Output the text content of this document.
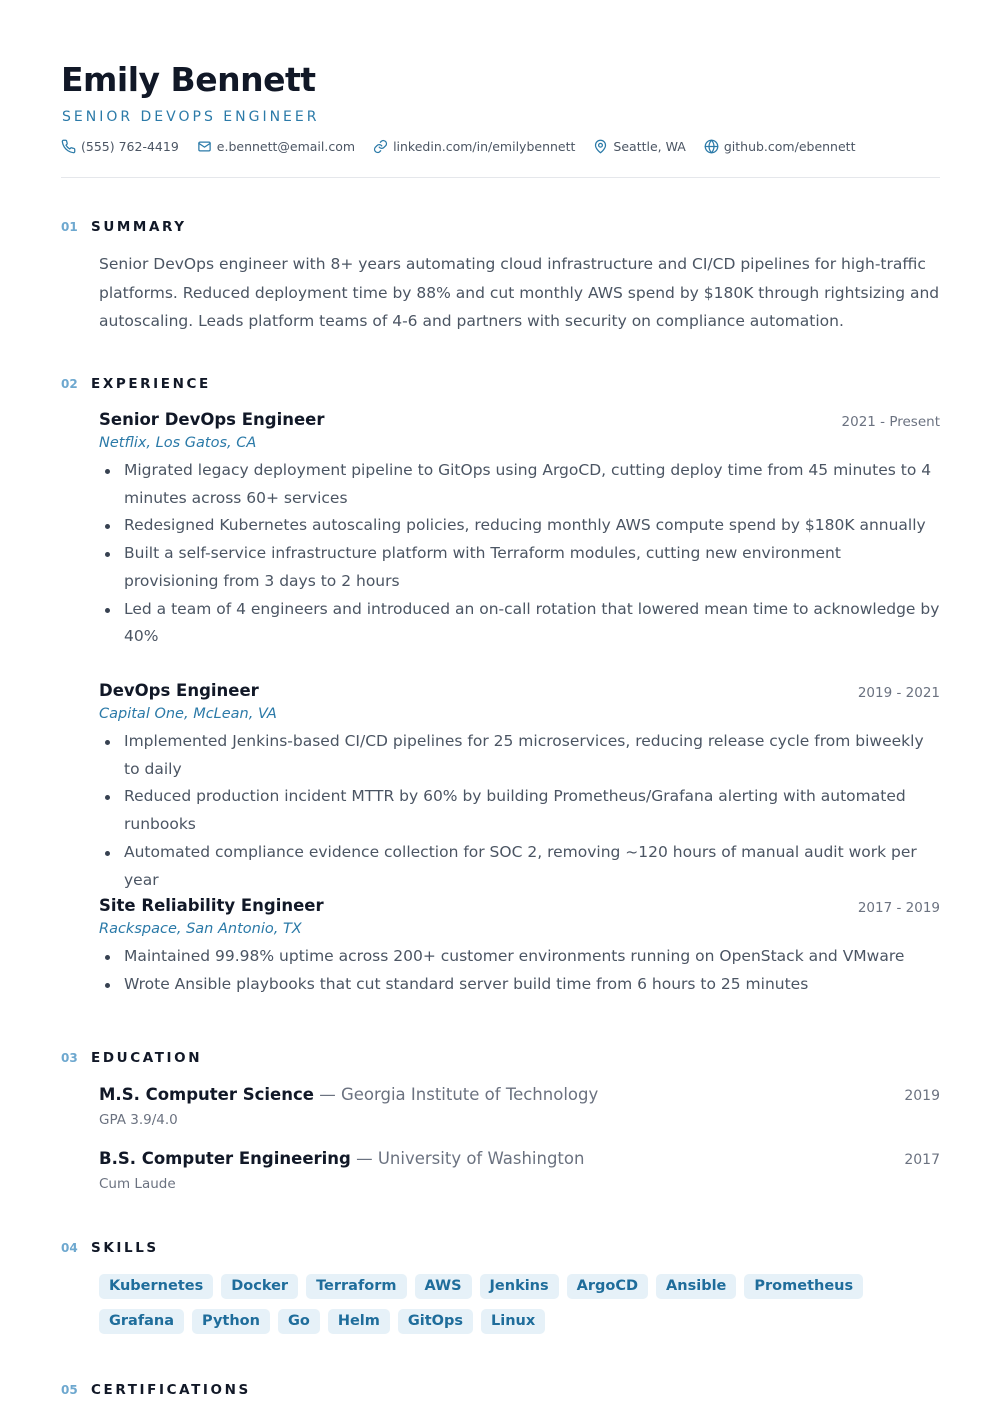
Emily Bennett
SENIOR DEVOPS ENGINEER
(555) 762-4419	e.bennett@email.com	linkedin.com/in/emilybennett	Seattle, WA	github.com/ebennett
01 SUMMARY
Senior DevOps engineer with 8+ years automating cloud infrastructure and CI/CD pipelines for high-traffic platforms. Reduced deployment time by 88% and cut monthly AWS spend by $180K through rightsizing and autoscaling. Leads platform teams of 4-6 and partners with security on compliance automation.
02 EXPERIENCE
Senior DevOps Engineer	2021 - Present
Netflix, Los Gatos, CA
Migrated legacy deployment pipeline to GitOps using ArgoCD, cutting deploy time from 45 minutes to 4 minutes across 60+ services
Redesigned Kubernetes autoscaling policies, reducing monthly AWS compute spend by $180K annually
Built a self-service infrastructure platform with Terraform modules, cutting new environment provisioning from 3 days to 2 hours
Led a team of 4 engineers and introduced an on-call rotation that lowered mean time to acknowledge by 40%
DevOps Engineer	2019 - 2021
Capital One, McLean, VA
Implemented Jenkins-based CI/CD pipelines for 25 microservices, reducing release cycle from biweekly to daily
Reduced production incident MTTR by 60% by building Prometheus/Grafana alerting with automated runbooks
Automated compliance evidence collection for SOC 2, removing ~120 hours of manual audit work per year
Site Reliability Engineer	2017 - 2019
Rackspace, San Antonio, TX
Maintained 99.98% uptime across 200+ customer environments running on OpenStack and VMware
Wrote Ansible playbooks that cut standard server build time from 6 hours to 25 minutes
03 EDUCATION
M.S. Computer Science — Georgia Institute of Technology	2019
GPA 3.9/4.0
B.S. Computer Engineering — University of Washington	2017
Cum Laude
04 SKILLS
Kubernetes	Docker	Terraform	AWS	Jenkins	ArgoCD	Ansible	Prometheus
Grafana	Python	Go	Helm	GitOps	Linux
05 CERTIFICATIONS
